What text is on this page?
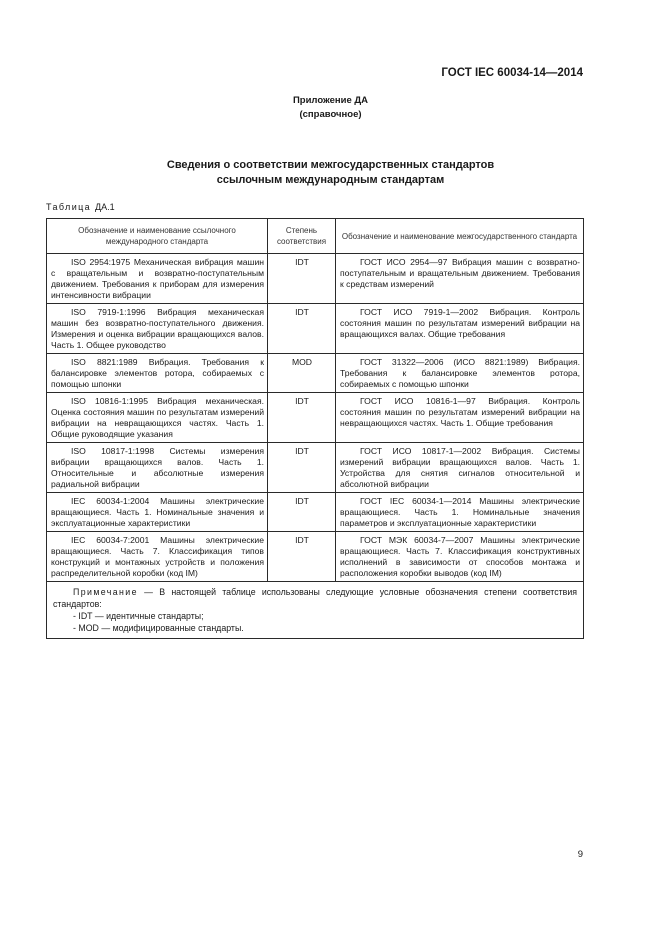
ГОСТ IEC 60034-14—2014
Приложение ДА
(справочное)
Сведения о соответствии межгосударственных стандартов
ссылочным международным стандартам
Таблица ДА.1
Обозначение и наименование ссылочного международного стандарта	Степень соответствия	Обозначение и наименование межгосударственного стандарта
ISO 2954:1975 Механическая вибрация машин с вращательным и возвратно-поступательным движением. Требования к приборам для измерения интенсивности вибрации	IDT	ГОСТ ИСО 2954—97 Вибрация машин с возвратно-поступательным и вращательным движением. Требования к средствам измерений
ISO 7919-1:1996 Вибрация механическая машин без возвратно-поступательного движения. Измерения и оценка вибрации вращающихся валов. Часть 1. Общее руководство	IDT	ГОСТ ИСО 7919-1—2002 Вибрация. Контроль состояния машин по результатам измерений вибрации на вращающихся валах. Общие требования
ISO 8821:1989 Вибрация. Требования к балансировке элементов ротора, собираемых с помощью шпонки	MOD	ГОСТ 31322—2006 (ИСО 8821:1989) Вибрация. Требования к балансировке элементов ротора, собираемых с помощью шпонки
ISO 10816-1:1995 Вибрация механическая. Оценка состояния машин по результатам измерений вибрации на невращающихся частях. Часть 1. Общие руководящие указания	IDT	ГОСТ ИСО 10816-1—97 Вибрация. Контроль состояния машин по результатам измерений вибрации на невращающихся частях. Часть 1. Общие требования
ISO 10817-1:1998 Системы измерения вибрации вращающихся валов. Часть 1. Относительные и абсолютные измерения радиальной вибрации	IDT	ГОСТ ИСО 10817-1—2002 Вибрация. Системы измерений вибрации вращающихся валов. Часть 1. Устройства для снятия сигналов относительной и абсолютной вибрации
IEC 60034-1:2004 Машины электрические вращающиеся. Часть 1. Номинальные значения и эксплуатационные характеристики	IDT	ГОСТ IEC 60034-1—2014 Машины электрические вращающиеся. Часть 1. Номинальные значения параметров и эксплуатационные характеристики
IEC 60034-7:2001 Машины электрические вращающиеся. Часть 7. Классификация типов конструкций и монтажных устройств и положения распределительной коробки (код IM)	IDT	ГОСТ МЭК 60034-7—2007 Машины электрические вращающиеся. Часть 7. Классификация конструктивных исполнений в зависимости от способов монтажа и расположения коробки выводов (код IM)

Примечание — В настоящей таблице использованы следующие условные обозначения степени соответствия стандартов:
- IDT — идентичные стандарты;
- MOD — модифицированные стандарты.		
9
